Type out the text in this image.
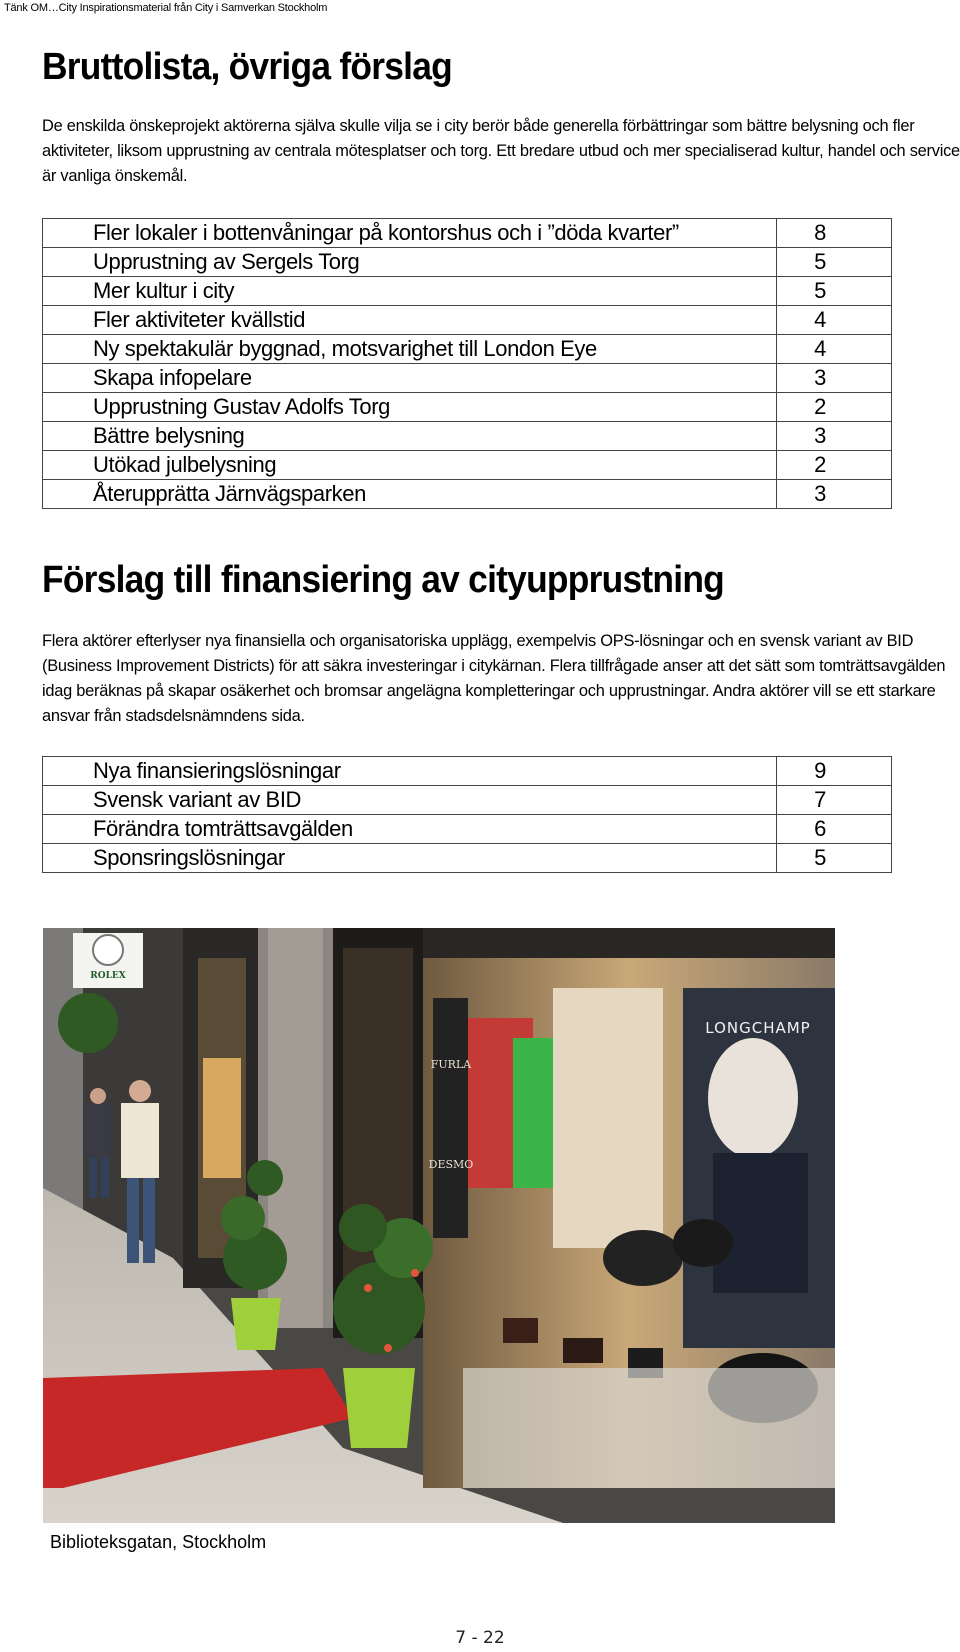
Tänk OM…City Inspirationsmaterial från City i Samverkan Stockholm
Bruttolista, övriga förslag

De enskilda önskeprojekt aktörerna själva skulle vilja se i city berör både generella förbättringar som bättre belysning och fler aktiviteter, liksom upprustning av centrala mötesplatser och torg. Ett bredare utbud och mer specialiserad kultur, handel och service är vanliga önskemål.

Fler lokaler i bottenvåningar på kontorshus och i ”döda kvarter”	8
Upprustning av Sergels Torg	5
Mer kultur i city	5
Fler aktiviteter kvällstid	4
Ny spektakulär byggnad, motsvarighet till London Eye	4
Skapa infopelare	3
Upprustning Gustav Adolfs Torg	2
Bättre belysning	3
Utökad julbelysning	2
Återupprätta Järnvägsparken	3
Förslag till finansiering av cityupprustning

Flera aktörer efterlyser nya finansiella och organisatoriska upplägg, exempelvis OPS-lösningar och en svensk variant av BID (Business Improvement Districts) för att säkra investeringar i citykärnan. Flera tillfrågade anser att det sätt som tomträttsavgälden idag beräknas på skapar osäkerhet och bromsar angelägna kompletteringar och upprustningar. Andra aktörer vill se ett starkare ansvar från stadsdelsnämndens sida.

Nya finansieringslösningar	9
Svensk variant av BID	7
Förändra tomträttsavgälden	6
Sponsringslösningar	5
ROLEX
LONGCHAMP
FURLA
DESMO
Biblioteksgatan, Stockholm
7 - 22
